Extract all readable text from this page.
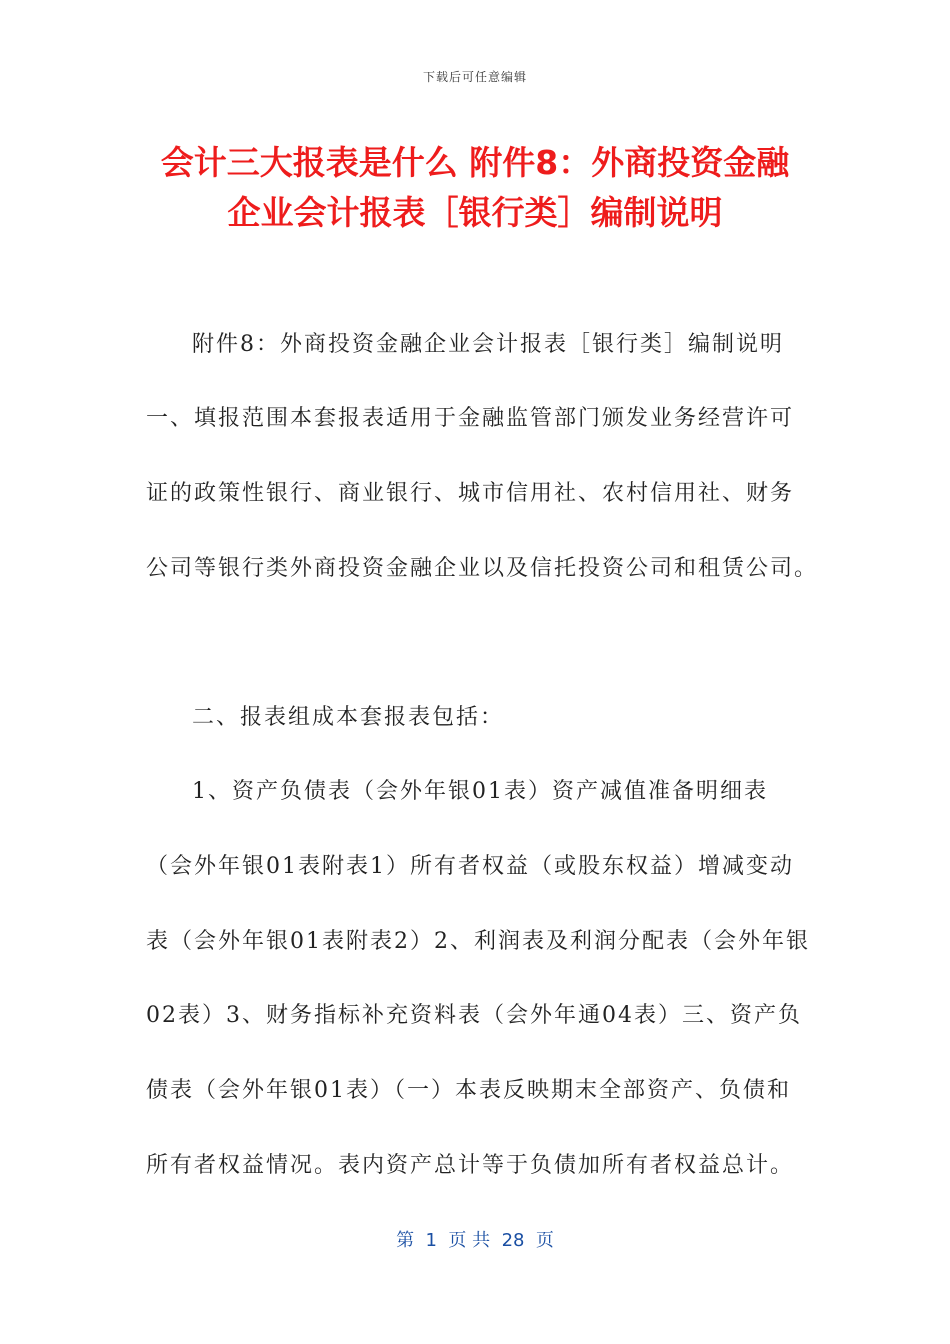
下载后可任意编辑
会计三大报表是什么 附件8：外商投资金融
企业会计报表［银行类］编制说明

附件8：外商投资金融企业会计报表［银行类］编制说明

一、填报范围本套报表适用于金融监管部门颁发业务经营许可

证的政策性银行、商业银行、城市信用社、农村信用社、财务

公司等银行类外商投资金融企业以及信托投资公司和租赁公司。

二、报表组成本套报表包括：

1、资产负债表（会外年银01表）资产减值准备明细表

（会外年银01表附表1）所有者权益（或股东权益）增减变动

表（会外年银01表附表2）2、利润表及利润分配表（会外年银

02表）3、财务指标补充资料表（会外年通04表）三、资产负

债表（会外年银01表）（一）本表反映期末全部资产、负债和

所有者权益情况。表内资产总计等于负债加所有者权益总计。

第  1  页 共  28  页
